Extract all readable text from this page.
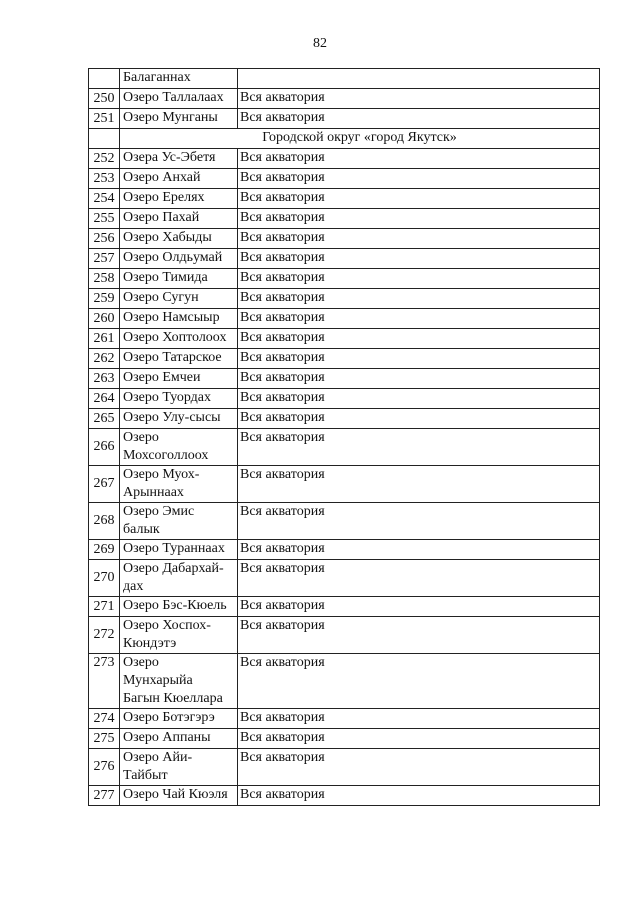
82
	Балаганнах	
250	Озеро Таллалаах	Вся акватория
251	Озеро Мунганы	Вся акватория
	Городской округ «город Якутск»	
252	Озера Ус-Эбетя	Вся акватория
253	Озеро Анхай	Вся акватория
254	Озеро Ерелях	Вся акватория
255	Озеро Пахай	Вся акватория
256	Озеро Хабыды	Вся акватория
257	Озеро Олдьумай	Вся акватория
258	Озеро Тимида	Вся акватория
259	Озеро Сугун	Вся акватория
260	Озеро Намсыыр	Вся акватория
261	Озеро Хоптолоох	Вся акватория
262	Озеро Татарское	Вся акватория
263	Озеро Емчеи	Вся акватория
264	Озеро Туордах	Вся акватория
265	Озеро Улу-сысы	Вся акватория
266	Озеро
Мохсоголлоох	Вся акватория
267	Озеро Муох-
Арыннаах	Вся акватория
268	Озеро Эмис
балык	Вся акватория
269	Озеро Тураннаах	Вся акватория
270	Озеро Дабархай-
дах	Вся акватория
271	Озеро Бэс-Кюель	Вся акватория
272	Озеро Хоспох-
Кюндэтэ	Вся акватория
273	Озеро
Мунхарыйа
Багын Кюеллара	Вся акватория
274	Озеро Ботэгэрэ	Вся акватория
275	Озеро Аппаны	Вся акватория
276	Озеро Айи-
Тайбыт	Вся акватория
277	Озеро Чай Кюэля	Вся акватория
